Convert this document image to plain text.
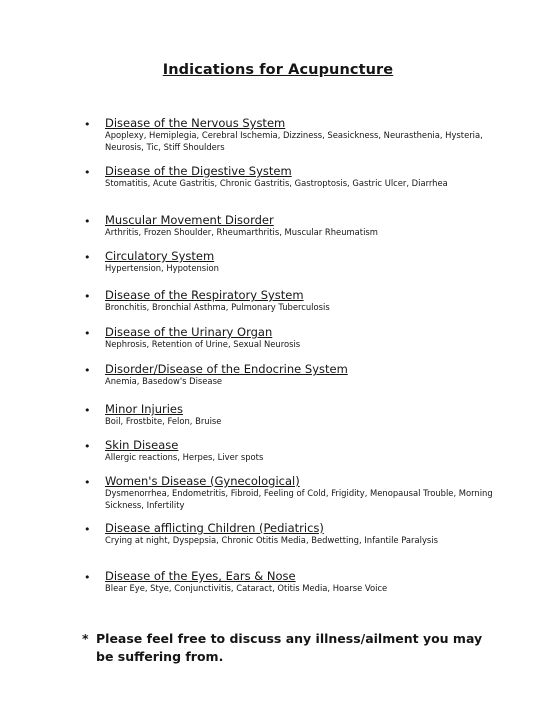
Indications for Acupuncture
• Disease of the Nervous System
Apoplexy, Hemiplegia, Cerebral Ischemia, Dizziness, Seasickness, Neurasthenia, Hysteria, Neurosis, Tic, Stiff Shoulders
• Disease of the Digestive System
Stomatitis, Acute Gastritis, Chronic Gastritis, Gastroptosis, Gastric Ulcer, Diarrhea
• Muscular Movement Disorder
Arthritis, Frozen Shoulder, Rheumarthritis, Muscular Rheumatism
• Circulatory System
Hypertension, Hypotension
• Disease of the Respiratory System
Bronchitis, Bronchial Asthma, Pulmonary Tuberculosis
• Disease of the Urinary Organ
Nephrosis, Retention of Urine, Sexual Neurosis
• Disorder/Disease of the Endocrine System
Anemia, Basedow's Disease
• Minor Injuries
Boil, Frostbite, Felon, Bruise
• Skin Disease
Allergic reactions, Herpes, Liver spots
• Women's Disease (Gynecological)
Dysmenorrhea, Endometritis, Fibroid, Feeling of Cold, Frigidity, Menopausal Trouble, Morning Sickness, Infertility
• Disease afflicting Children (Pediatrics)
Crying at night, Dyspepsia, Chronic Otitis Media, Bedwetting, Infantile Paralysis
• Disease of the Eyes, Ears & Nose
Blear Eye, Stye, Conjunctivitis, Cataract, Otitis Media, Hoarse Voice
* Please feel free to discuss any illness/ailment you may be suffering from.
